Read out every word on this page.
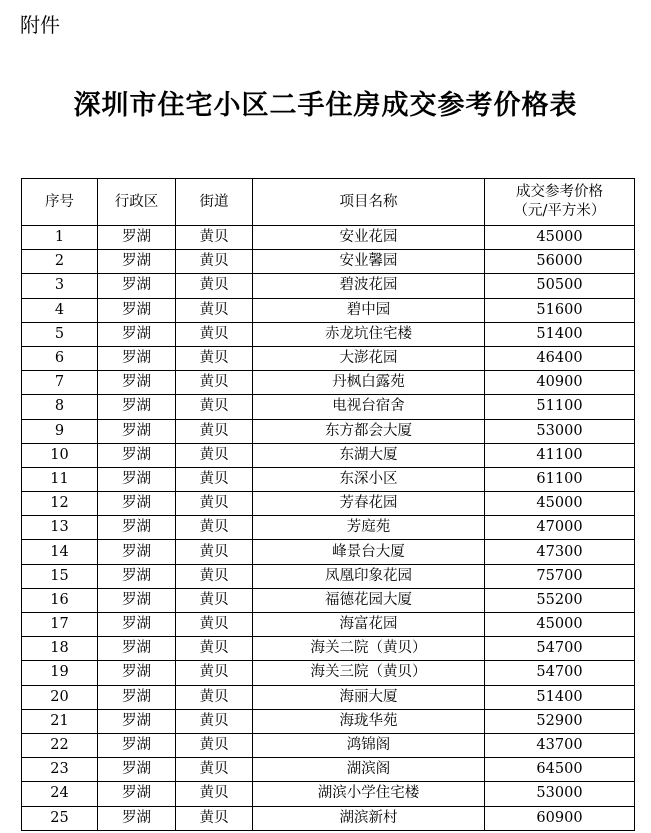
附件
深圳市住宅小区二手住房成交参考价格表
序号	行政区	街道	项目名称	成交参考价格
（元/平方米）

1	罗湖	黄贝	安业花园	45000
2	罗湖	黄贝	安业馨园	56000
3	罗湖	黄贝	碧波花园	50500
4	罗湖	黄贝	碧中园	51600
5	罗湖	黄贝	赤龙坑住宅楼	51400
6	罗湖	黄贝	大澎花园	46400
7	罗湖	黄贝	丹枫白露苑	40900
8	罗湖	黄贝	电视台宿舍	51100
9	罗湖	黄贝	东方都会大厦	53000
10	罗湖	黄贝	东湖大厦	41100
11	罗湖	黄贝	东深小区	61100
12	罗湖	黄贝	芳春花园	45000
13	罗湖	黄贝	芳庭苑	47000
14	罗湖	黄贝	峰景台大厦	47300
15	罗湖	黄贝	凤凰印象花园	75700
16	罗湖	黄贝	福德花园大厦	55200
17	罗湖	黄贝	海富花园	45000
18	罗湖	黄贝	海关二院（黄贝）	54700
19	罗湖	黄贝	海关三院（黄贝）	54700
20	罗湖	黄贝	海丽大厦	51400
21	罗湖	黄贝	海珑华苑	52900
22	罗湖	黄贝	鸿锦阁	43700
23	罗湖	黄贝	湖滨阁	64500
24	罗湖	黄贝	湖滨小学住宅楼	53000
25	罗湖	黄贝	湖滨新村	60900
